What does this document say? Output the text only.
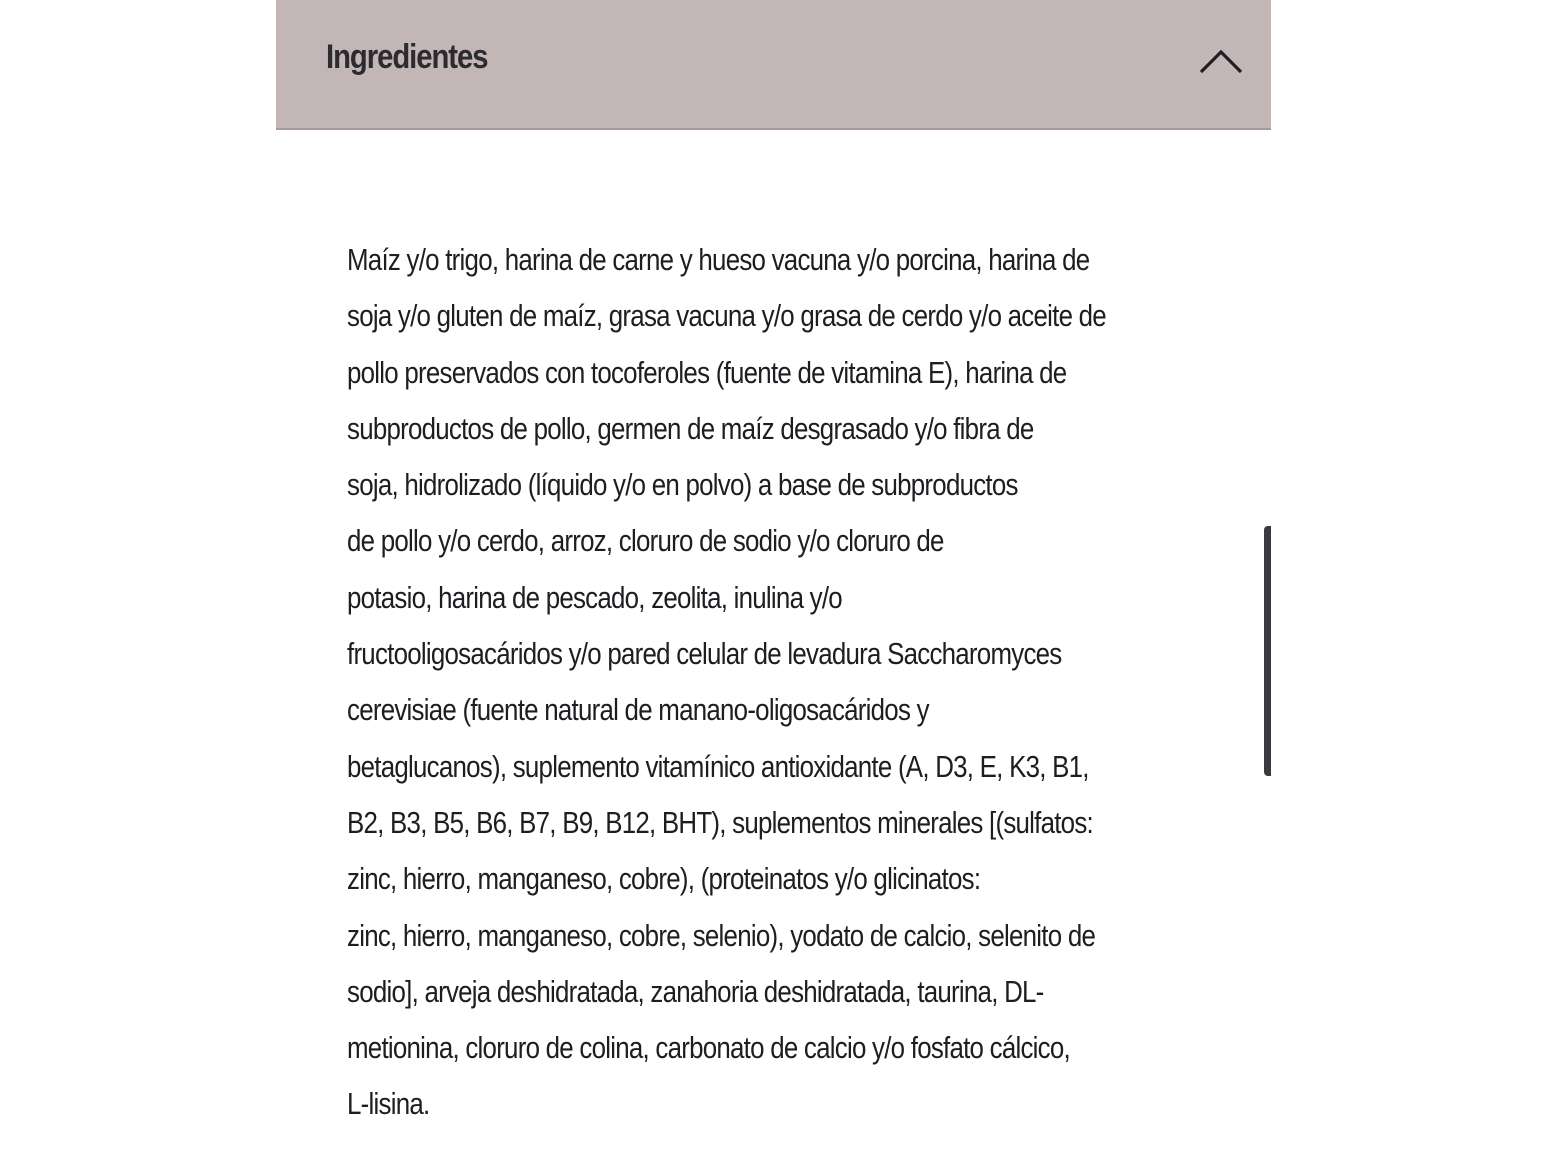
Ingredientes
Maíz y/o trigo, harina de carne y hueso vacuna y/o porcina, harina de
soja y/o gluten de maíz, grasa vacuna y/o grasa de cerdo y/o aceite de
pollo preservados con tocoferoles (fuente de vitamina E), harina de
subproductos de pollo, germen de maíz desgrasado y/o fibra de
soja, hidrolizado (líquido y/o en polvo) a base de subproductos
de pollo y/o cerdo, arroz, cloruro de sodio y/o cloruro de
potasio, harina de pescado, zeolita, inulina y/o
fructooligosacáridos y/o pared celular de levadura Saccharomyces
cerevisiae (fuente natural de manano-oligosacáridos y
betaglucanos), suplemento vitamínico antioxidante (A, D3, E, K3, B1,
B2, B3, B5, B6, B7, B9, B12, BHT), suplementos minerales [(sulfatos:
zinc, hierro, manganeso, cobre), (proteinatos y/o glicinatos:
zinc, hierro, manganeso, cobre, selenio), yodato de calcio, selenito de
sodio], arveja deshidratada, zanahoria deshidratada, taurina, DL-
metionina, cloruro de colina, carbonato de calcio y/o fosfato cálcico,
L-lisina.
